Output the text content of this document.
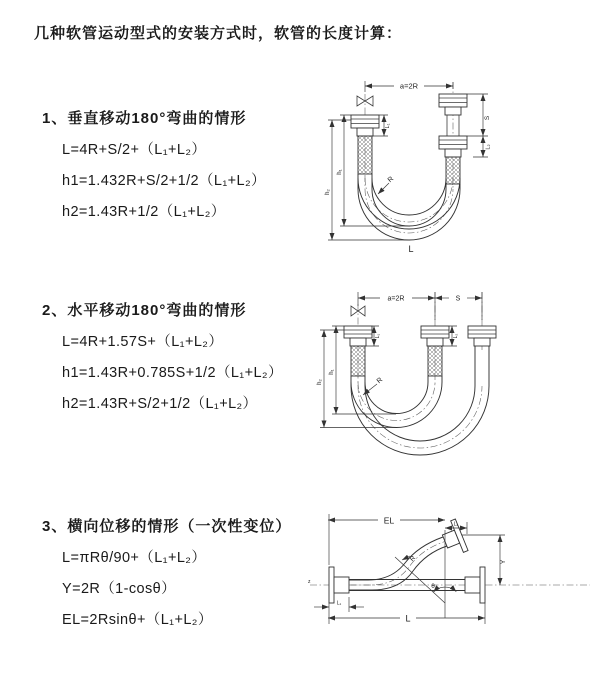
几种软管运动型式的安装方式时，软管的长度计算：
1、垂直移动180°弯曲的情形
L=4R+S/2+（L₁+L₂）
h1=1.432R+S/2+1/2（L₁+L₂）
h2=1.43R+1/2（L₁+L₂）
2、水平移动180°弯曲的情形
L=4R+1.57S+（L₁+L₂）
h1=1.43R+0.785S+1/2（L₁+L₂）
h2=1.43R+S/2+1/2（L₁+L₂）
3、横向位移的情形（一次性变位）
L=πRθ/90+（L₁+L₂）
Y=2R（1-cosθ）
EL=2Rsinθ+（L₁+L₂）
a=2R
S
L₂
L₁
h₁
h₂
R
L
a=2R	S
L₁	L₂
h₁
h₂	R
z
θ
EL	L₂
Y
L
L₁
R
